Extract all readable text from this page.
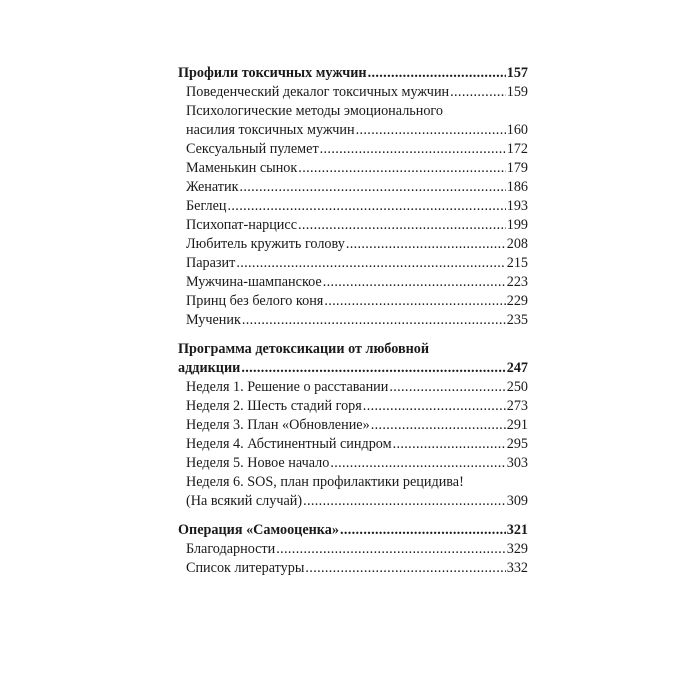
Профили токсичных мужчин . . .	157
Поведенческий декалог токсичных мужчин . . .	159
Психологические методы эмоционального
насилия токсичных мужчин . . .	160
Сексуальный пулемет . . .	172
Маменькин сынок . . .	179
Женатик . . .	186
Беглец . . .	193
Психопат-нарцисс . . .	199
Любитель кружить голову . . .	208
Паразит . . .	215
Мужчина-шампанское . . .	223
Принц без белого коня . . .	229
Мученик . . .	235
Программа детоксикации от любовной
аддикции . . .	247
Неделя 1. Решение о расставании . . .	250
Неделя 2. Шесть стадий горя . . .	273
Неделя 3. План «Обновление» . . .	291
Неделя 4. Абстинентный синдром . . .	295
Неделя 5. Новое начало . . .	303
Неделя 6. SOS, план профилактики рецидива!
(На всякий случай) . . .	309
Операция «Самооценка» . . .	321
Благодарности . . .	329
Список литературы . . .	332
